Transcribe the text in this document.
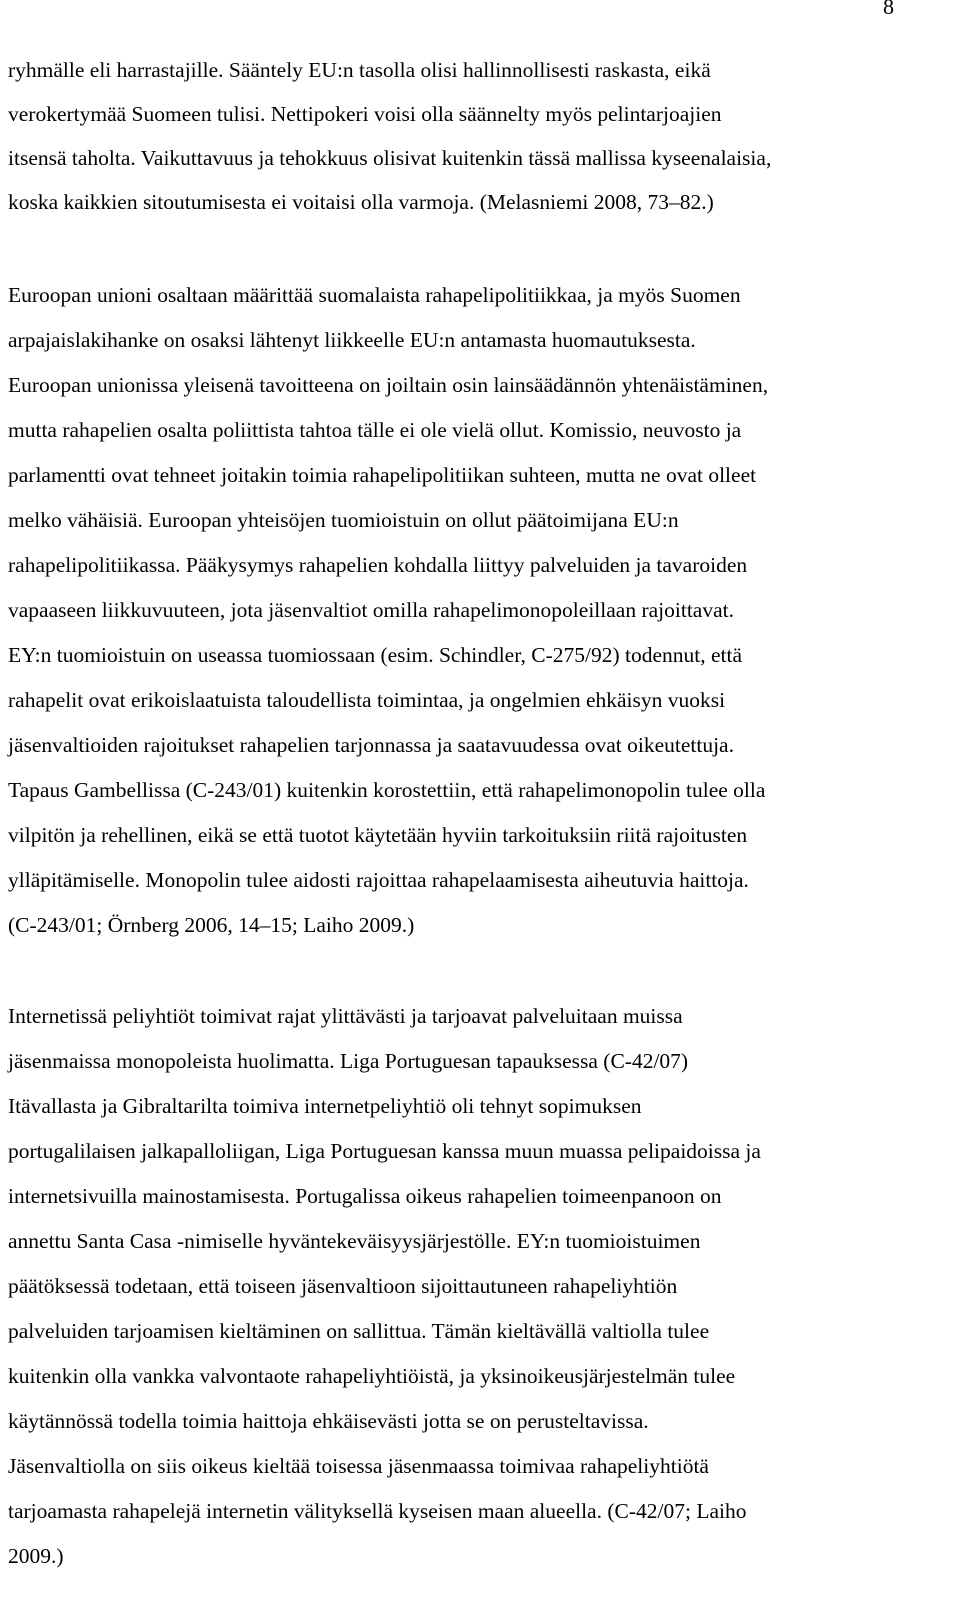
8
ryhmälle eli harrastajille. Sääntely EU:n tasolla olisi hallinnollisesti raskasta, eikä
verokertymää Suomeen tulisi. Nettipokeri voisi olla säännelty myös pelintarjoajien
itsensä taholta. Vaikuttavuus ja tehokkuus olisivat kuitenkin tässä mallissa kyseenalaisia,
koska kaikkien sitoutumisesta ei voitaisi olla varmoja. (Melasniemi 2008, 73–82.)
Euroopan unioni osaltaan määrittää suomalaista rahapelipolitiikkaa, ja myös Suomen
arpajaislakihanke on osaksi lähtenyt liikkeelle EU:n antamasta huomautuksesta.
Euroopan unionissa yleisenä tavoitteena on joiltain osin lainsäädännön yhtenäistäminen,
mutta rahapelien osalta poliittista tahtoa tälle ei ole vielä ollut. Komissio, neuvosto ja
parlamentti ovat tehneet joitakin toimia rahapelipolitiikan suhteen, mutta ne ovat olleet
melko vähäisiä. Euroopan yhteisöjen tuomioistuin on ollut päätoimijana EU:n
rahapelipolitiikassa. Pääkysymys rahapelien kohdalla liittyy palveluiden ja tavaroiden
vapaaseen liikkuvuuteen, jota jäsenvaltiot omilla rahapelimonopoleillaan rajoittavat.
EY:n tuomioistuin on useassa tuomiossaan (esim. Schindler, C-275/92) todennut, että
rahapelit ovat erikoislaatuista taloudellista toimintaa, ja ongelmien ehkäisyn vuoksi
jäsenvaltioiden rajoitukset rahapelien tarjonnassa ja saatavuudessa ovat oikeutettuja.
Tapaus Gambellissa (C-243/01) kuitenkin korostettiin, että rahapelimonopolin tulee olla
vilpitön ja rehellinen, eikä se että tuotot käytetään hyviin tarkoituksiin riitä rajoitusten
ylläpitämiselle. Monopolin tulee aidosti rajoittaa rahapelaamisesta aiheutuvia haittoja.
(C-243/01; Örnberg 2006, 14–15; Laiho 2009.)
Internetissä peliyhtiöt toimivat rajat ylittävästi ja tarjoavat palveluitaan muissa
jäsenmaissa monopoleista huolimatta. Liga Portuguesan tapauksessa (C-42/07)
Itävallasta ja Gibraltarilta toimiva internetpeliyhtiö oli tehnyt sopimuksen
portugalilaisen jalkapalloliigan, Liga Portuguesan kanssa muun muassa pelipaidoissa ja
internetsivuilla mainostamisesta. Portugalissa oikeus rahapelien toimeenpanoon on
annettu Santa Casa -nimiselle hyväntekeväisyysjärjestölle. EY:n tuomioistuimen
päätöksessä todetaan, että toiseen jäsenvaltioon sijoittautuneen rahapeliyhtiön
palveluiden tarjoamisen kieltäminen on sallittua. Tämän kieltävällä valtiolla tulee
kuitenkin olla vankka valvontaote rahapeliyhtiöistä, ja yksinoikeusjärjestelmän tulee
käytännössä todella toimia haittoja ehkäisevästi jotta se on perusteltavissa.
Jäsenvaltiolla on siis oikeus kieltää toisessa jäsenmaassa toimivaa rahapeliyhtiötä
tarjoamasta rahapelejä internetin välityksellä kyseisen maan alueella. (C-42/07; Laiho
2009.)
